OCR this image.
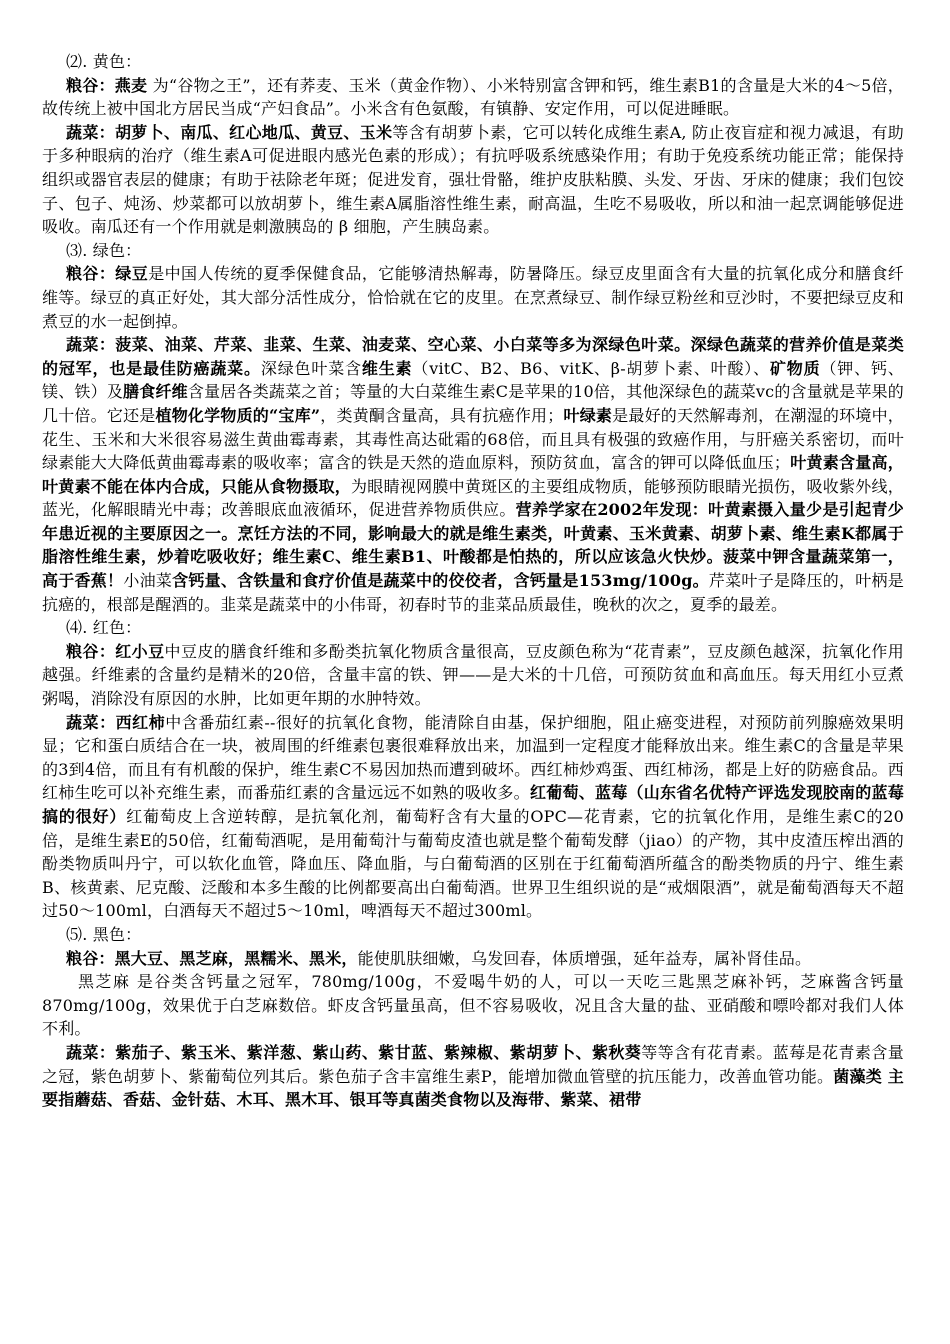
⑵. 黄色：

粮谷：燕麦 为“谷物之王”，还有荞麦、玉米（黄金作物）、小米特别富含钾和钙，维生素B1的含量是大米的4～5倍，故传统上被中国北方居民当成“产妇食品”。小米含有色氨酸，有镇静、安定作用，可以促进睡眠。

蔬菜：胡萝卜、南瓜、红心地瓜、黄豆、玉米等含有胡萝卜素，它可以转化成维生素A, 防止夜盲症和视力减退，有助于多种眼病的治疗（维生素A可促进眼内感光色素的形成）；有抗呼吸系统感染作用；有助于免疫系统功能正常；能保持组织或器官表层的健康；有助于祛除老年斑；促进发育，强壮骨骼，维护皮肤粘膜、头发、牙齿、牙床的健康；我们包饺子、包子、炖汤、炒菜都可以放胡萝卜，维生素A属脂溶性维生素，耐高温，生吃不易吸收，所以和油一起烹调能够促进吸收。南瓜还有一个作用就是刺激胰岛的 β 细胞，产生胰岛素。

⑶. 绿色：

粮谷：绿豆是中国人传统的夏季保健食品，它能够清热解毒，防暑降压。绿豆皮里面含有大量的抗氧化成分和膳食纤维等。绿豆的真正好处，其大部分活性成分，恰恰就在它的皮里。在烹煮绿豆、制作绿豆粉丝和豆沙时，不要把绿豆皮和煮豆的水一起倒掉。

蔬菜：菠菜、油菜、芹菜、韭菜、生菜、油麦菜、空心菜、小白菜等多为深绿色叶菜。深绿色蔬菜的营养价值是菜类的冠军，也是最佳防癌蔬菜。深绿色叶菜含维生素（vitC、B2、B6、vitK、β-胡萝卜素、叶酸）、矿物质（钾、钙、镁、铁）及膳食纤维含量居各类蔬菜之首；等量的大白菜维生素C是苹果的10倍，其他深绿色的蔬菜vc的含量就是苹果的几十倍。它还是植物化学物质的“宝库”，类黄酮含量高，具有抗癌作用；叶绿素是最好的天然解毒剂，在潮湿的环境中，花生、玉米和大米很容易滋生黄曲霉毒素，其毒性高达砒霜的68倍，而且具有极强的致癌作用，与肝癌关系密切，而叶绿素能大大降低黄曲霉毒素的吸收率；富含的铁是天然的造血原料，预防贫血，富含的钾可以降低血压；叶黄素含量高，叶黄素不能在体内合成，只能从食物摄取，为眼睛视网膜中黄斑区的主要组成物质，能够预防眼睛光损伤，吸收紫外线，蓝光，化解眼睛光中毒；改善眼底血液循环，促进营养物质供应。营养学家在2002年发现：叶黄素摄入量少是引起青少年患近视的主要原因之一。烹饪方法的不同，影响最大的就是维生素类，叶黄素、玉米黄素、胡萝卜素、维生素K都属于脂溶性维生素，炒着吃吸收好；维生素C、维生素B1、叶酸都是怕热的，所以应该急火快炒。菠菜中钾含量蔬菜第一，高于香蕉！小油菜含钙量、含铁量和食疗价值是蔬菜中的佼佼者，含钙量是153mg/100g。芹菜叶子是降压的，叶柄是抗癌的，根部是醒酒的。韭菜是蔬菜中的小伟哥，初春时节的韭菜品质最佳，晚秋的次之，夏季的最差。

⑷. 红色：

粮谷：红小豆中豆皮的膳食纤维和多酚类抗氧化物质含量很高，豆皮颜色称为“花青素”，豆皮颜色越深，抗氧化作用越强。纤维素的含量约是精米的20倍，含量丰富的铁、钾——是大米的十几倍，可预防贫血和高血压。每天用红小豆煮粥喝，消除没有原因的水肿，比如更年期的水肿特效。

蔬菜：西红柿中含番茄红素--很好的抗氧化食物，能清除自由基，保护细胞，阻止癌变进程，对预防前列腺癌效果明显；它和蛋白质结合在一块，被周围的纤维素包裹很难释放出来，加温到一定程度才能释放出来。维生素C的含量是苹果的3到4倍，而且有有机酸的保护，维生素C不易因加热而遭到破坏。西红柿炒鸡蛋、西红柿汤，都是上好的防癌食品。西红柿生吃可以补充维生素，而番茄红素的含量远远不如熟的吸收多。红葡萄、蓝莓（山东省名优特产评选发现胶南的蓝莓搞的很好）红葡萄皮上含逆转醇，是抗氧化剂，葡萄籽含有大量的OPC—花青素，它的抗氧化作用，是维生素C的20倍，是维生素E的50倍，红葡萄酒呢，是用葡萄汁与葡萄皮渣也就是整个葡萄发酵（jiao）的产物，其中皮渣压榨出酒的酚类物质叫丹宁，可以软化血管，降血压、降血脂，与白葡萄酒的区别在于红葡萄酒所蕴含的酚类物质的丹宁、维生素B、核黄素、尼克酸、泛酸和本多生酸的比例都要高出白葡萄酒。世界卫生组织说的是“戒烟限酒”，就是葡萄酒每天不超过50～100ml，白酒每天不超过5～10ml，啤酒每天不超过300ml。

⑸. 黑色：

粮谷：黑大豆、黑芝麻，黑糯米、黑米，能使肌肤细嫩，乌发回春，体质增强，延年益寿，属补肾佳品。

黑芝麻 是谷类含钙量之冠军，780mg/100g，不爱喝牛奶的人，可以一天吃三匙黑芝麻补钙，芝麻酱含钙量870mg/100g，效果优于白芝麻数倍。虾皮含钙量虽高，但不容易吸收，况且含大量的盐、亚硝酸和嘌呤都对我们人体不利。

蔬菜：紫茄子、紫玉米、紫洋葱、紫山药、紫甘蓝、紫辣椒、紫胡萝卜、紫秋葵等等含有花青素。蓝莓是花青素含量之冠，紫色胡萝卜、紫葡萄位列其后。紫色茄子含丰富维生素P，能增加微血管壁的抗压能力，改善血管功能。菌藻类 主要指蘑菇、香菇、金针菇、木耳、黑木耳、银耳等真菌类食物以及海带、紫菜、裙带
